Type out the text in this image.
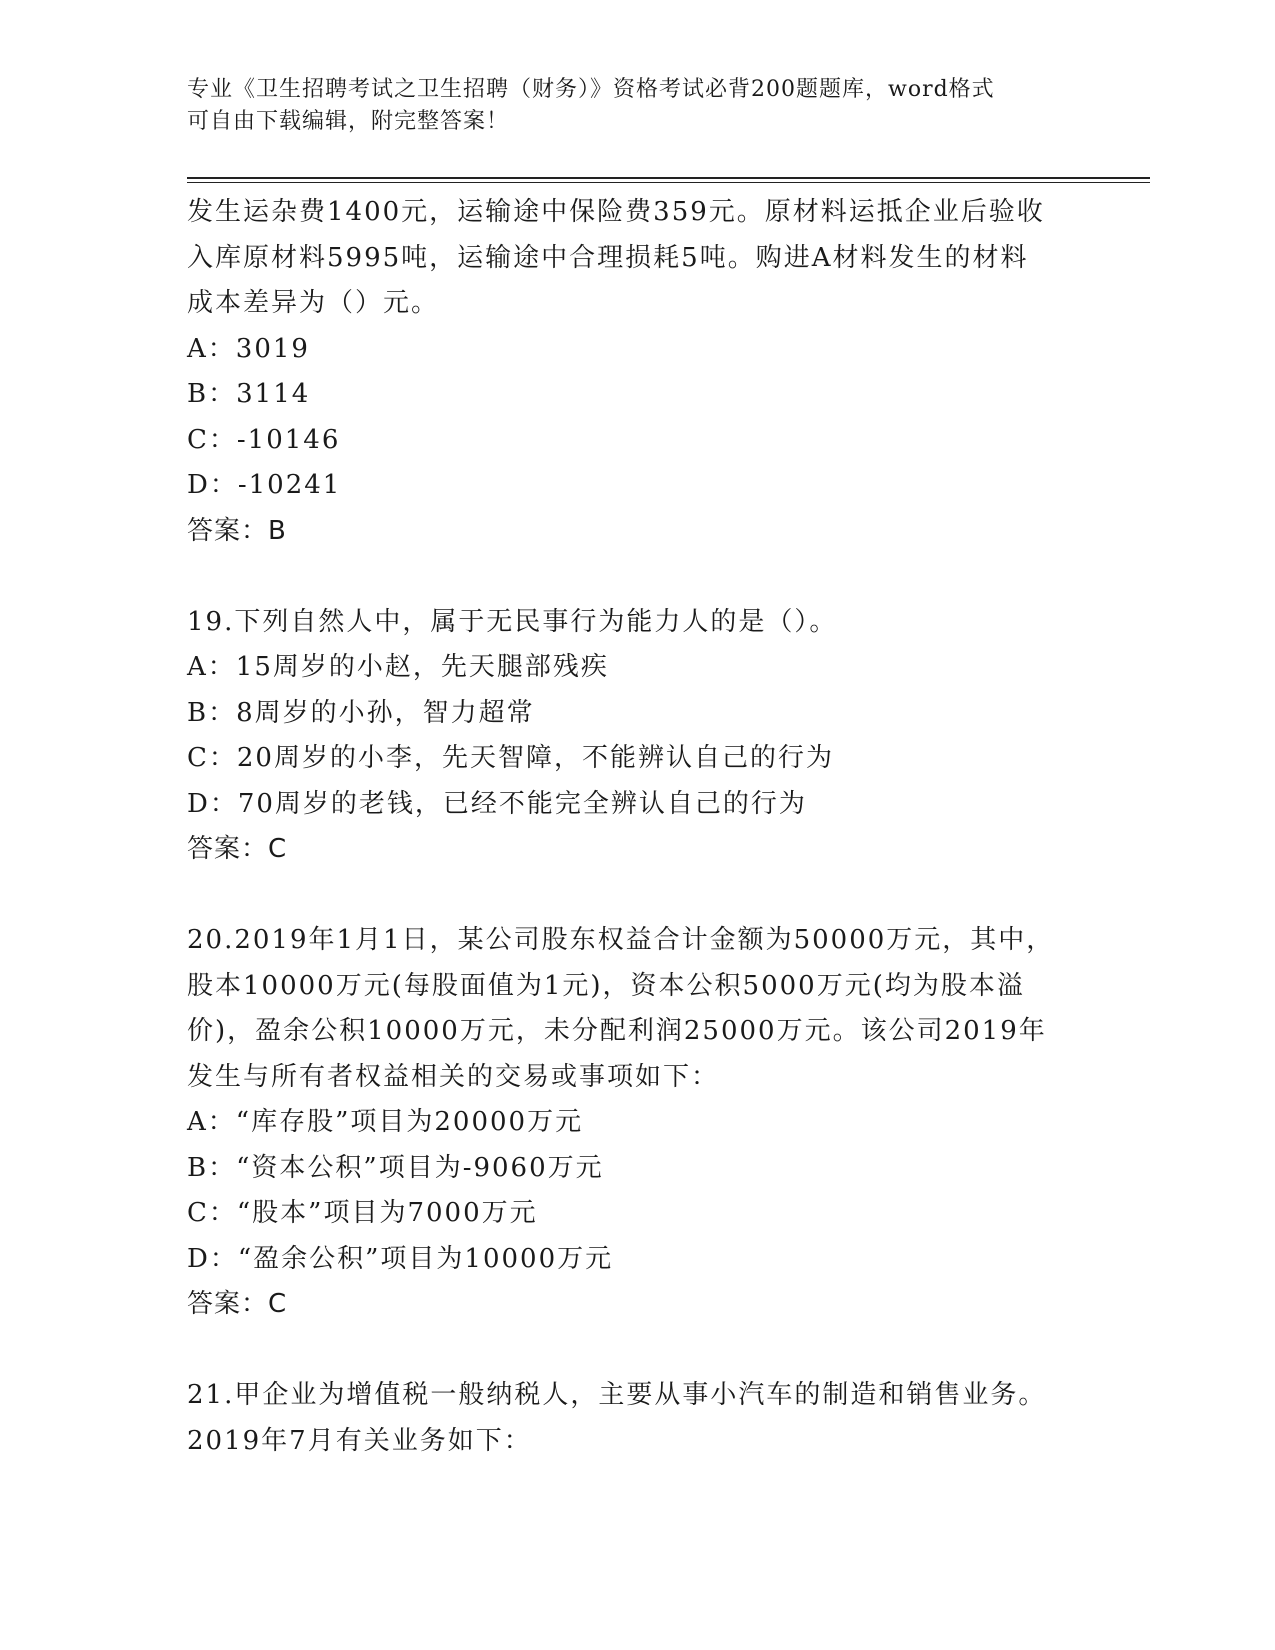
专业《卫生招聘考试之卫生招聘（财务）》资格考试必背200题题库，word格式
可自由下载编辑，附完整答案！
发生运杂费1400元，运输途中保险费359元。原材料运抵企业后验收
入库原材料5995吨，运输途中合理损耗5吨。购进A材料发生的材料
成本差异为（）元。
A：3019
B：3114
C：-10146
D：-10241
答案：B
19.下列自然人中，属于无民事行为能力人的是（）。
A：15周岁的小赵，先天腿部残疾
B：8周岁的小孙，智力超常
C：20周岁的小李，先天智障，不能辨认自己的行为
D：70周岁的老钱，已经不能完全辨认自己的行为
答案：C
20.2019年1月1日，某公司股东权益合计金额为50000万元，其中，
股本10000万元(每股面值为1元)，资本公积5000万元(均为股本溢
价)，盈余公积10000万元，未分配利润25000万元。该公司2019年
发生与所有者权益相关的交易或事项如下：
A：“库存股”项目为20000万元
B：“资本公积”项目为-9060万元
C：“股本”项目为7000万元
D：“盈余公积”项目为10000万元
答案：C
21.甲企业为增值税一般纳税人，主要从事小汽车的制造和销售业务。
2019年7月有关业务如下：
